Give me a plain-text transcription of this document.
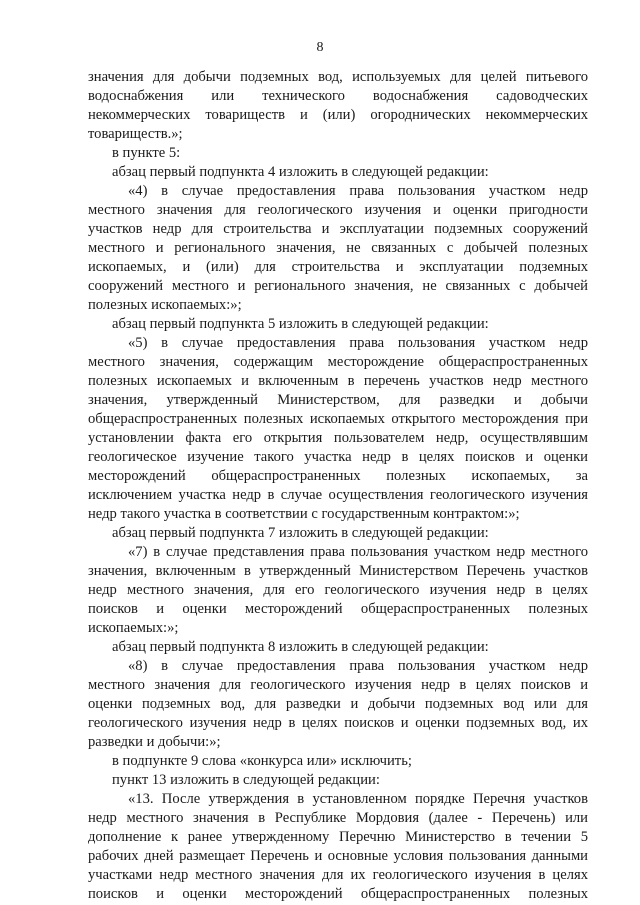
8
значения для добычи подземных вод, используемых для целей питьевого
водоснабжения или технического водоснабжения садоводческих
некоммерческих товариществ и (или) огороднических некоммерческих
товариществ.»;
в пункте 5:
абзац первый подпункта 4 изложить в следующей редакции:
«4) в случае предоставления права пользования участком недр
местного значения для геологического изучения и оценки пригодности
участков недр для строительства и эксплуатации подземных сооружений
местного и регионального значения, не связанных с добычей полезных
ископаемых, и (или) для строительства и эксплуатации подземных
сооружений местного и регионального значения, не связанных с добычей
полезных ископаемых:»;
абзац первый подпункта 5 изложить в следующей редакции:
«5) в случае предоставления права пользования участком недр
местного значения, содержащим месторождение общераспространенных
полезных ископаемых и включенным в перечень участков недр местного
значения, утвержденный Министерством, для разведки и добычи
общераспространенных полезных ископаемых открытого месторождения при
установлении факта его открытия пользователем недр, осуществлявшим
геологическое изучение такого участка недр в целях поисков и оценки
месторождений общераспространенных полезных ископаемых, за
исключением участка недр в случае осуществления геологического изучения
недр такого участка в соответствии с государственным контрактом:»;
абзац первый подпункта 7 изложить в следующей редакции:
«7) в случае представления права пользования участком недр местного
значения, включенным в утвержденный Министерством Перечень участков
недр местного значения, для его геологического изучения недр в целях
поисков и оценки месторождений общераспространенных полезных
ископаемых:»;
абзац первый подпункта 8 изложить в следующей редакции:
«8) в случае предоставления права пользования участком недр
местного значения для геологического изучения недр в целях поисков и
оценки подземных вод, для разведки и добычи подземных вод или для
геологического изучения недр в целях поисков и оценки подземных вод, их
разведки и добычи:»;
в подпункте 9 слова «конкурса или» исключить;
пункт 13 изложить в следующей редакции:
«13. После утверждения в установленном порядке Перечня участков
недр местного значения в Республике Мордовия (далее - Перечень) или
дополнение к ранее утвержденному Перечню Министерство в течении 5
рабочих дней размещает Перечень и основные условия пользования данными
участками недр местного значения для их геологического изучения в целях
поисков и оценки месторождений общераспространенных полезных
